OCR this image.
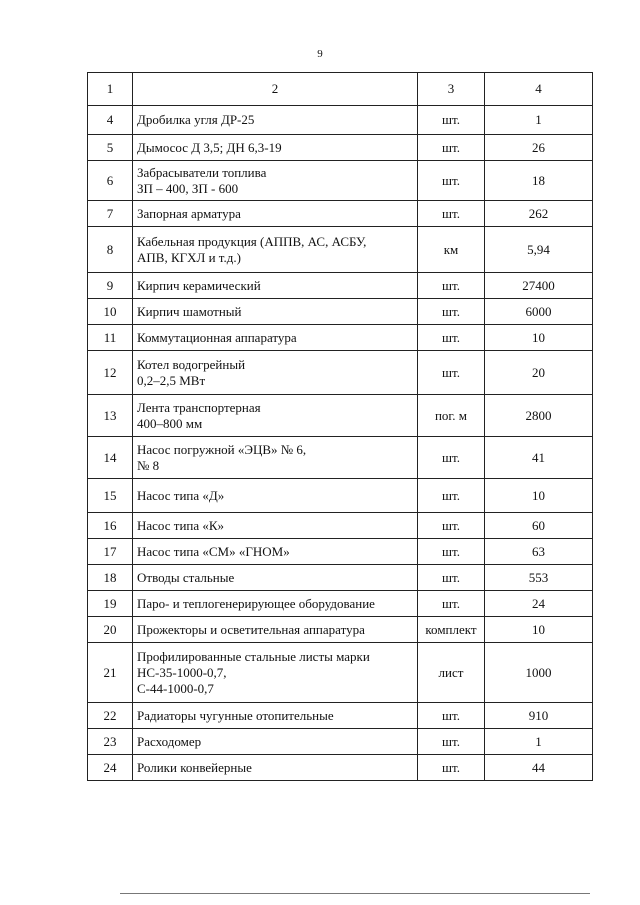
9
1	2	3	4
4	Дробилка угля ДР-25	шт.	1
5	Дымосос Д 3,5; ДН 6,3-19	шт.	26
6	Забрасыватели топлива
ЗП – 400, ЗП - 600	шт.	18
7	Запорная арматура	шт.	262
8	Кабельная продукция (АППВ, АС, АСБУ,
АПВ, КГХЛ и т.д.)	км	5,94
9	Кирпич керамический	шт.	27400
10	Кирпич шамотный	шт.	6000
11	Коммутационная аппаратура	шт.	10
12	Котел водогрейный
0,2–2,5 МВт	шт.	20
13	Лента транспортерная
400–800 мм	пог. м	2800
14	Насос погружной «ЭЦВ» № 6,
№ 8	шт.	41
15	Насос типа «Д»	шт.	10
16	Насос типа «К»	шт.	60
17	Насос типа «СМ» «ГНОМ»	шт.	63
18	Отводы стальные	шт.	553
19	Паро- и теплогенерирующее оборудование	шт.	24
20	Прожекторы и осветительная аппаратура	комплект	10
21	Профилированные стальные листы марки
НС-35-1000-0,7,
С-44-1000-0,7	лист	1000
22	Радиаторы чугунные отопительные	шт.	910
23	Расходомер	шт.	1
24	Ролики конвейерные	шт.	44
